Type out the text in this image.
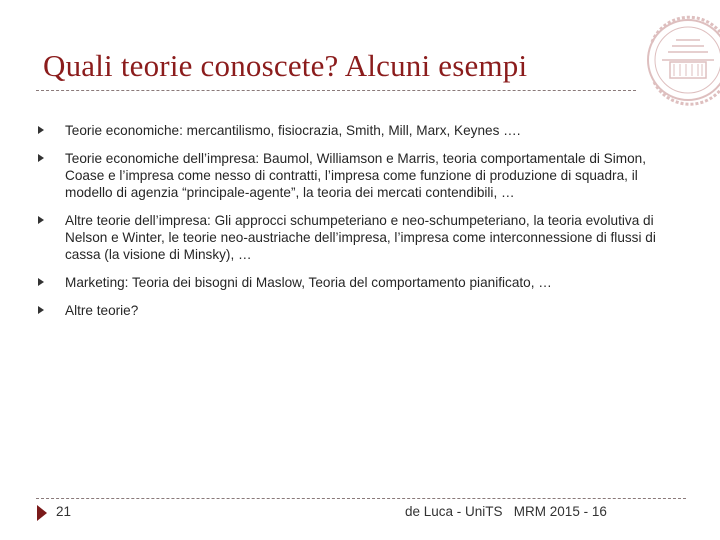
Quali teorie conoscete? Alcuni esempi
Teorie economiche: mercantilismo, fisiocrazia, Smith, Mill, Marx, Keynes ….
Teorie economiche dell’impresa: Baumol, Williamson e Marris, teoria comportamentale di Simon, Coase e l’impresa come nesso di contratti, l’impresa come funzione di produzione di squadra, il modello di agenzia “principale-agente”, la teoria dei mercati contendibili, …
Altre teorie dell’impresa: Gli approcci schumpeteriano e neo-schumpeteriano, la teoria evolutiva di Nelson e Winter, le teorie neo-austriache dell’impresa, l’impresa come interconnessione di flussi di cassa (la visione di Minsky), …
Marketing: Teoria dei bisogni di Maslow, Teoria del comportamento pianificato, …
Altre teorie?
21	de Luca - UniTS   MRM 2015 - 16
